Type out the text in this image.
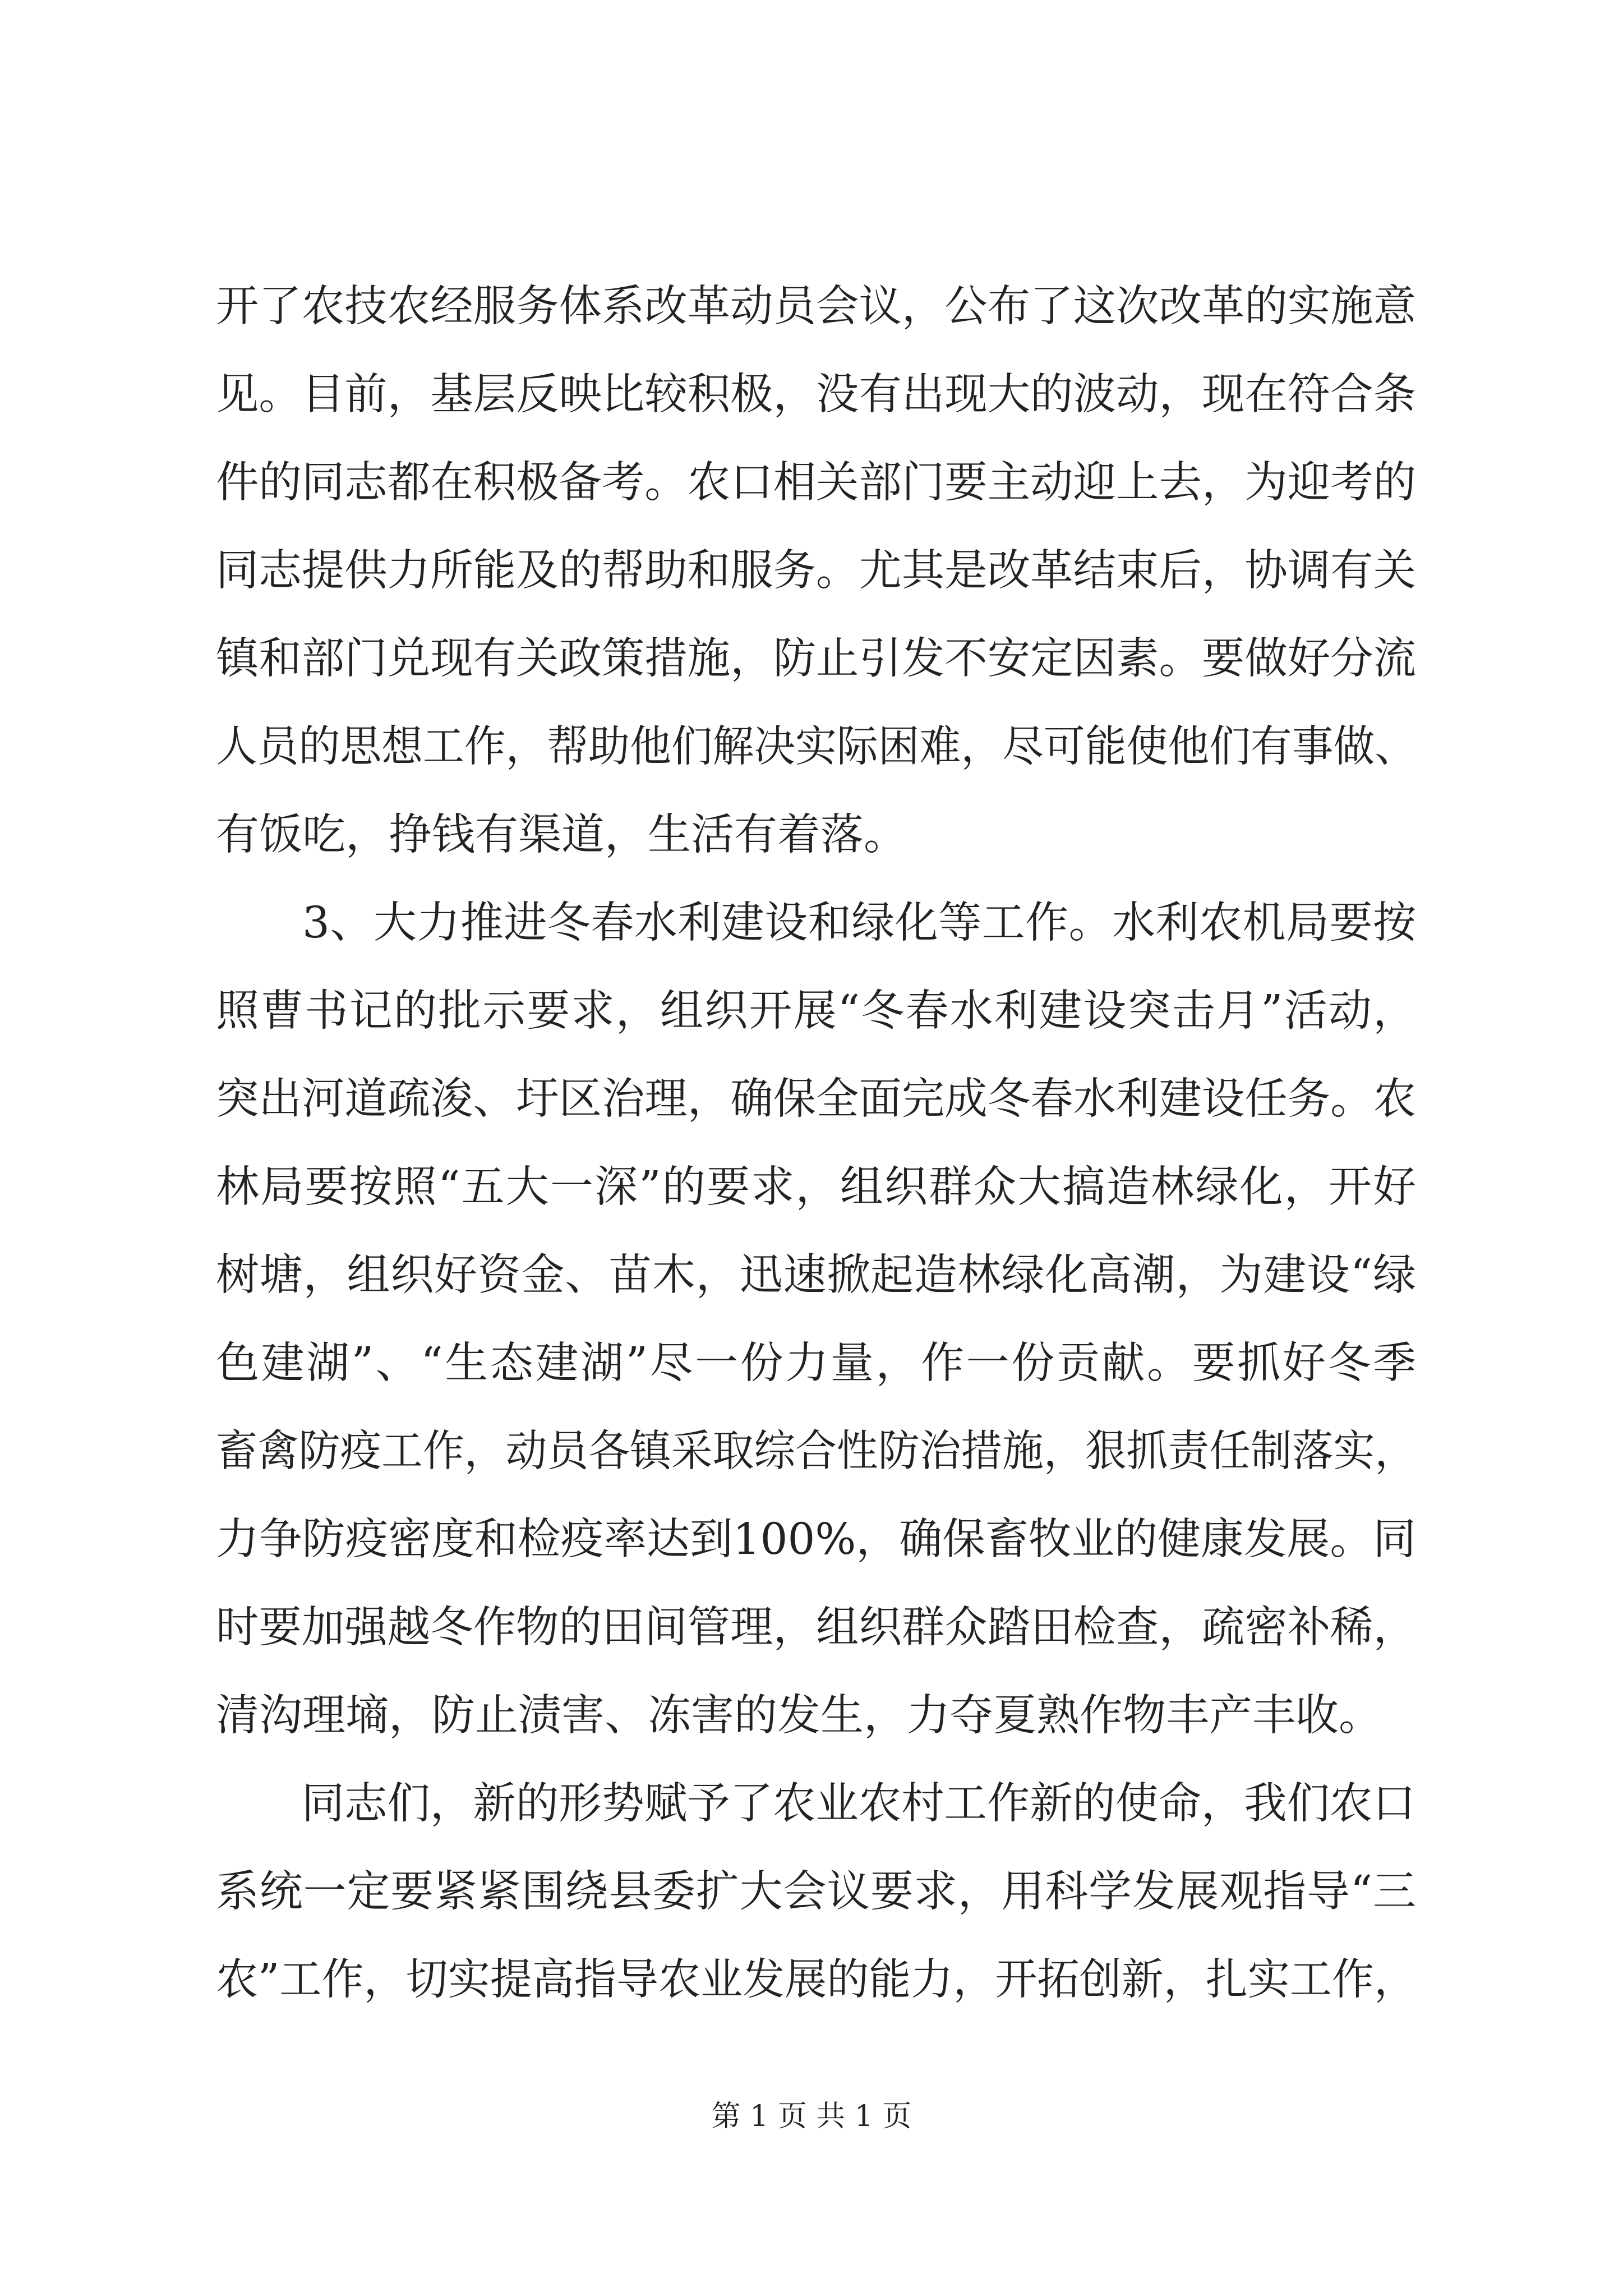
开了农技农经服务体系改革动员会议，公布了这次改革的实施意
见。目前，基层反映比较积极，没有出现大的波动，现在符合条
件的同志都在积极备考。农口相关部门要主动迎上去，为迎考的
同志提供力所能及的帮助和服务。尤其是改革结束后，协调有关
镇和部门兑现有关政策措施，防止引发不安定因素。要做好分流
人员的思想工作，帮助他们解决实际困难，尽可能使他们有事做、
有饭吃，挣钱有渠道，生活有着落。
3、大力推进冬春水利建设和绿化等工作。水利农机局要按
照曹书记的批示要求，组织开展“冬春水利建设突击月”活动，
突出河道疏浚、圩区治理，确保全面完成冬春水利建设任务。农
林局要按照“五大一深”的要求，组织群众大搞造林绿化，开好
树塘，组织好资金、苗木，迅速掀起造林绿化高潮，为建设“绿
色建湖”、“生态建湖”尽一份力量，作一份贡献。要抓好冬季
畜禽防疫工作，动员各镇采取综合性防治措施，狠抓责任制落实，
力争防疫密度和检疫率达到100%，确保畜牧业的健康发展。同
时要加强越冬作物的田间管理，组织群众踏田检查，疏密补稀，
清沟理墒，防止渍害、冻害的发生，力夺夏熟作物丰产丰收。
同志们，新的形势赋予了农业农村工作新的使命，我们农口
系统一定要紧紧围绕县委扩大会议要求，用科学发展观指导“三
农”工作，切实提高指导农业发展的能力，开拓创新，扎实工作，
第 1 页 共 1 页
